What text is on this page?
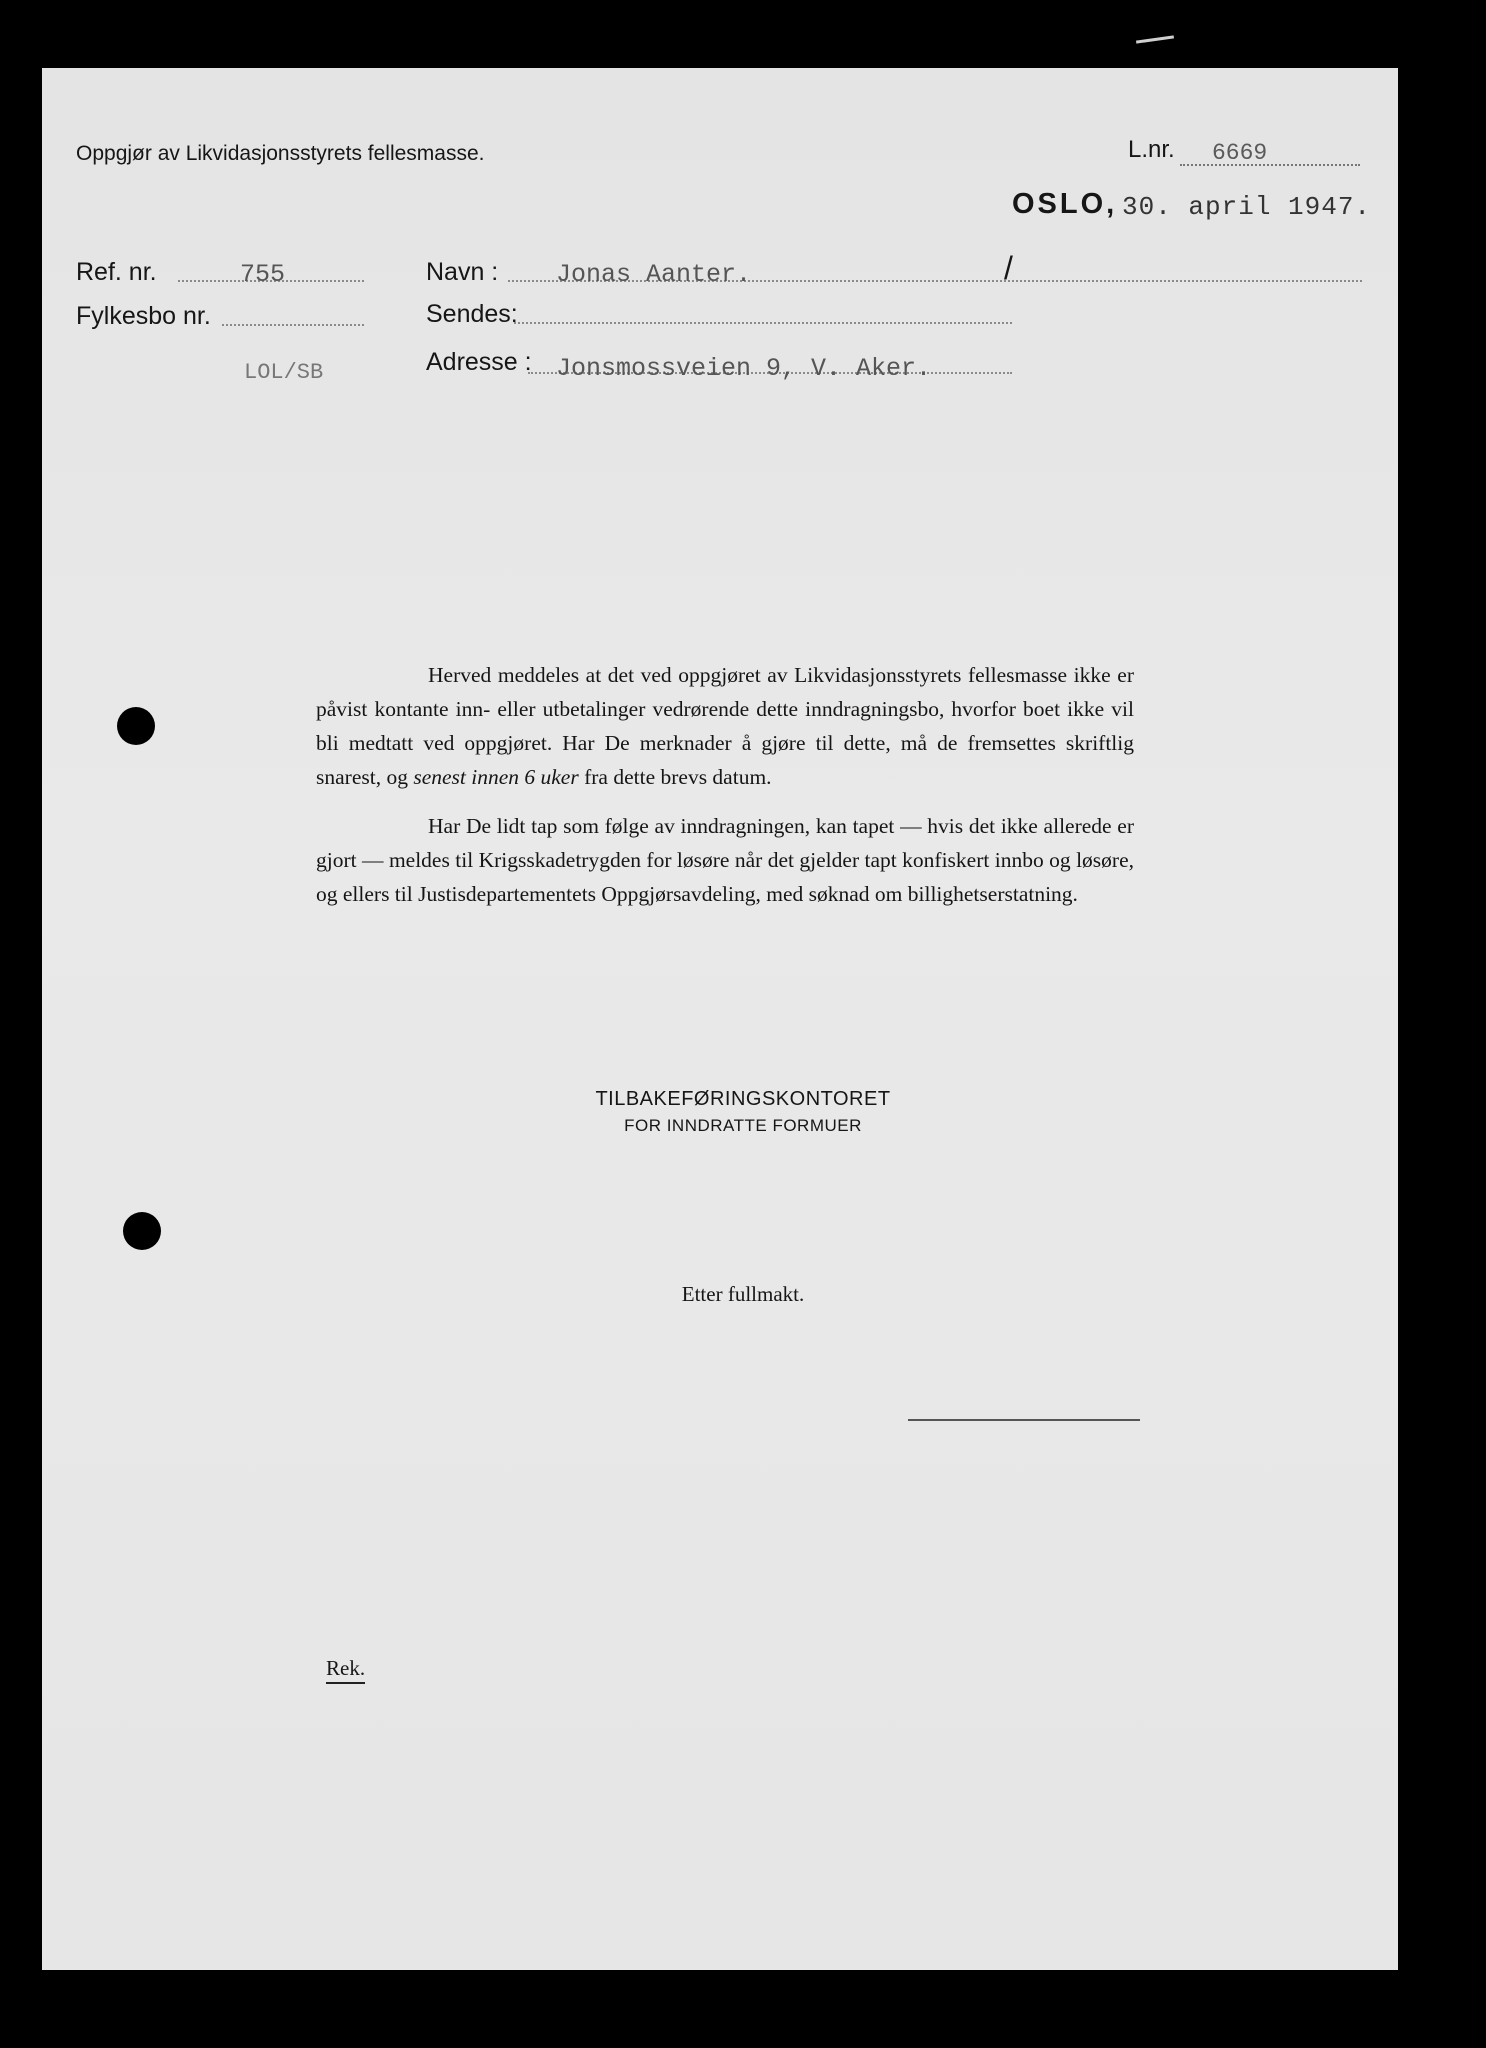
Oppgjør av Likvidasjonsstyrets fellesmasse.	L.nr. 6669
OSLO, 30. april 1947.
Ref. nr.	755
Fylkesbo nr.
LOL/SB
Navn : Jonas Aanter.	/
Sendes:
Adresse : Jonsmossveien 9, V. Aker.

Herved meddeles at det ved oppgjøret av Likvidasjonsstyrets fellesmasse ikke er påvist kontante inn- eller utbetalinger vedrørende dette inndragningsbo, hvorfor boet ikke vil bli medtatt ved oppgjøret. Har De merknader å gjøre til dette, må de fremsettes skriftlig snarest, og senest innen 6 uker fra dette brevs datum.

Har De lidt tap som følge av inndragningen, kan tapet — hvis det ikke allerede er gjort — meldes til Krigsskadetrygden for løsøre når det gjelder tapt konfiskert innbo og løsøre, og ellers til Justisdepartementets Oppgjørsavdeling, med søknad om billighetserstatning.

TILBAKEFØRINGSKONTORET
FOR INNDRATTE FORMUER
Etter fullmakt.
Rek.
